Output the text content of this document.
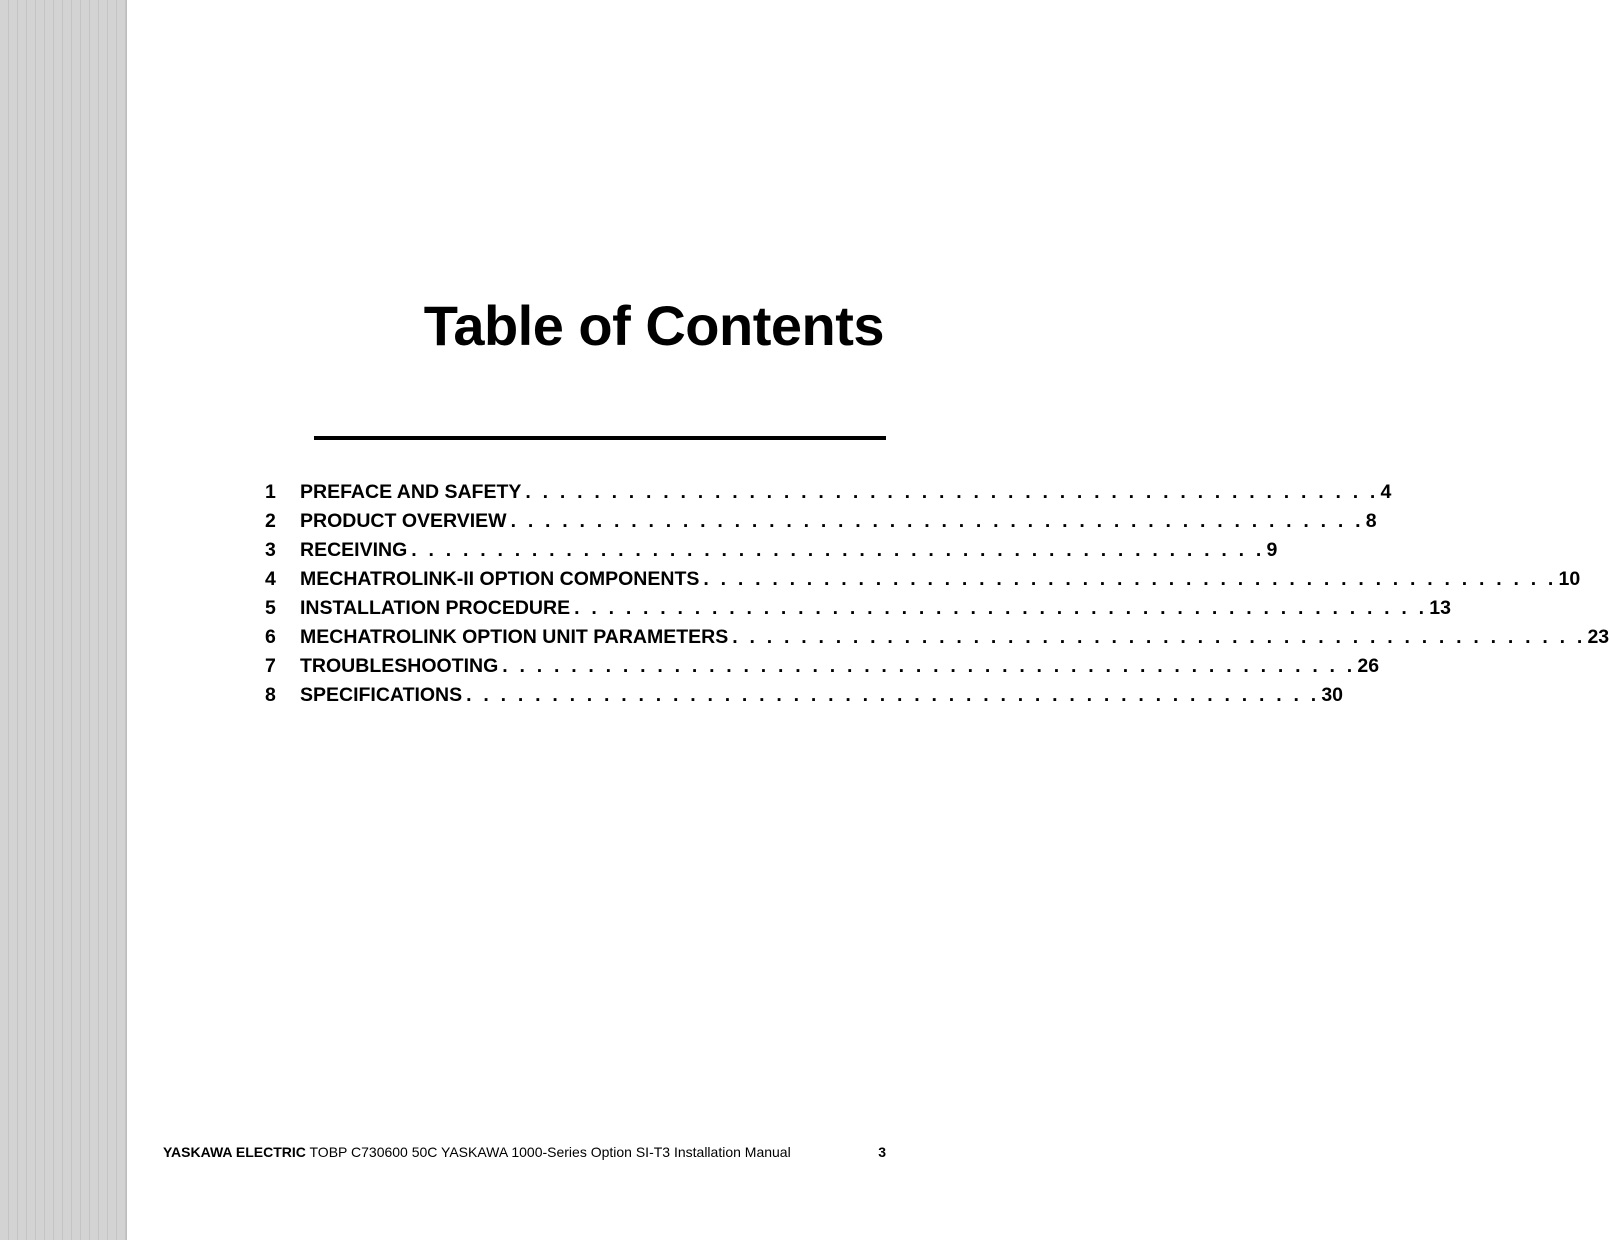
Table of Contents
1	PREFACE AND SAFETY . . . . . . . . . . . . . . . . . . . . . . . . . . . . . . . . . . . . . . . . . . . . . . . . . . 4
2	PRODUCT OVERVIEW . . . . . . . . . . . . . . . . . . . . . . . . . . . . . . . . . . . . . . . . . . . . . . . . . . 8
3	RECEIVING . . . . . . . . . . . . . . . . . . . . . . . . . . . . . . . . . . . . . . . . . . . . . . . . . . 9
4	MECHATROLINK-II OPTION COMPONENTS . . . . . . . . . . . . . . . . . . . . . . . . . . . . . . . . . . . . . . . . . . . . . . . . . . 10
5	INSTALLATION PROCEDURE . . . . . . . . . . . . . . . . . . . . . . . . . . . . . . . . . . . . . . . . . . . . . . . . . . 13
6	MECHATROLINK OPTION UNIT PARAMETERS . . . . . . . . . . . . . . . . . . . . . . . . . . . . . . . . . . . . . . . . . . . . . . . . . . 23
7	TROUBLESHOOTING . . . . . . . . . . . . . . . . . . . . . . . . . . . . . . . . . . . . . . . . . . . . . . . . . . 26
8	SPECIFICATIONS . . . . . . . . . . . . . . . . . . . . . . . . . . . . . . . . . . . . . . . . . . . . . . . . . . 30
YASKAWA ELECTRIC TOBP C730600 50C YASKAWA 1000-Series Option SI-T3 Installation Manual	3
